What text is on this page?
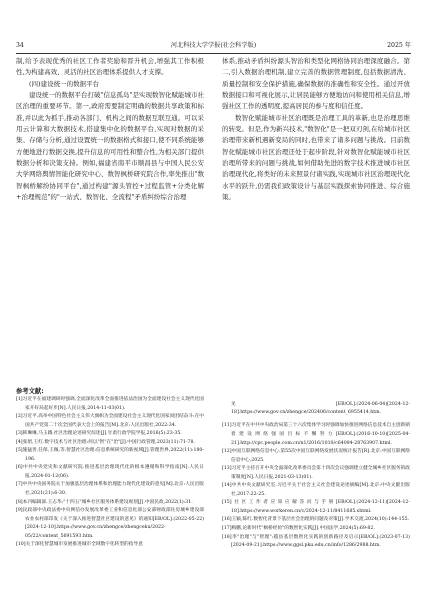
34	河北科技大学学报(社会科学版)	2025 年

制,给予表现优秀的社区工作者奖励和晋升机会,增强其工作积极性,为构建高效、灵活的社区治理体系提供人才支撑。

(四)建设统一的数据平台

建设统一的数据平台打破"信息孤岛"是实现数智化赋能城市社区治理的重要环节。第一,政府需要制定明确的数据共享政策和标准,并以此为抓手,推动各部门、机构之间的数据互联互通。可以采用云计算和大数据技术,搭建集中化的数据平台,实现对数据的采集、存储与分析,通过设置统一的数据格式和接口,使不同系统能够方便地进行数据交换,提升信息的可用性和整合性,为相关部门提供数据分析和决策支持。例如,福建省南平市顺昌县与中国人民公安大学网络舆情智能化研究中心、数智枫桥研究院合作,率先推出"数智枫桥解纷协同平台",通过构建"源头管控+过程监管+分类化解+治理规范"的"一站式、数智化、全流程"矛盾纠纷综合治理

体系,推动矛盾纠纷源头智治和类型化网格协同治理深度融合。第二,引入数据治理机制,建立完善的数据管理制度,包括数据清洗、质量控制和安全保护措施,确保数据的准确性和安全性。通过开放数据接口和可视化展示,让居民能够方便地访问和使用相关信息,增强社区工作的透明度,提高居民的参与度和信任度。

数智化赋能城市社区治理既是治理工具的革新,也是治理思维的转变。但是,作为新兴技术,"数智化"是一把双刃剑,在给城市社区治理带来新机遇新变局的同时,也带来了诸多问题与挑战。目前数智化赋能城市社区治理还处于起步阶段,针对数智化赋能城市社区治理所带来的问题与挑战,如何借助先进的数字技术推进城市社区治理现代化,将类好的未来照景付诸实践,实现城市社区治理现代化水平的跃升,仍需我们政策设计与基层实践探索协同推进、综合施策。

参考文献:

[1]习近平在福建调研时强调,全面深化改革全面推进依法治国为全面建设社会主义现代化国家开好局起好步[N].人民日报,2014-11-03(01).

[2]习近平.高举中国特色社会主义伟大旗帜为全面建设社会主义现代化国家而团结奋斗:在中国共产党第二十次全国代表大会上的报告[M].北京:人民出版社,2022:34.

[3]韩琳琳,马玉娥.社区治理论述研究综述[J].甘肃行政学院学报,2016(5):23-35.

[4]张珺,王红.数字技术与社区治理:何以"智"在"治"[J].中国行政管理,2023(11):71-78.

[5]施猛善,任保,王佩,等.智慧社区治理:信息系统研究的新视域[J].管理世界,2022(11):180-196.

[6]中共中央党史和文献研究院.推进基层治理现代化的根本遵循和科学指南[N].人民日报,2024-01-12(06).

[7]中共中央国务院关于加强基层治理体系和治理能力现代化建设的意见[M].北京:人民出版社,2021(21):6-30.

[8]本刊编辑部.王志华:"十四五"城乡社区服务体系建设规划[J].中国民政,2022(1):31.

[9]民政部中央政法委中央网信办发展改革委工业和信息化部公安部财政部住房城乡建设部农业农村部印发《关于深入推进智慧社区建设的意见》的通知[EB/OL].(2022-05-22)[2024-12-10].https://www.gov.cn/zhengce/zhengceku/2022-05/22/content_5691593.htm.

[10]关于深化智慧城市发展推进城市全域数字化转型的指导意

见[EB/OL].(2024-06-04)[2024-12-18].https://www.gov.cn/zhengce/202406/content_6955414.htm.

[11]习近平在中共中央政治局第三十六次集体学习时强调加快推进网络信息技术自主创新朝着建设网络强国目标不懈努力[EB/OL].(2016-10-10)[2025-04-21].http://cpc.people.com.cn/n1/2016/1010/c64094-28763907.html.

[12]中国互联网络信息中心.第55次中国互联网络发展状况统计报告[R].北京:中国互联网络信息中心,2025.

[13]习近平主持召开中央全面深化改革委员会第十四次会议强调建立健全城乡社区服务的政策制度[N].人民日报,2021-03-13(01).

[14]中共中央文献研究室.习近平关于社会主义社会建设论述摘编[M].北京:中央文献出版社,2017:22-25.

[15]社区工作者应知应解答问与手册[EB/OL].(2024-12-11)[2024-12-18].https://www.workeren.cn/c/2024-12-11/8411685.shtml.

[16]王颖,陈红.数智化背景下基层社会治理的问题及对策[J].学术交流,2024(10):144-155.

[17]梅鹏,论新时代"枫桥经验"的数智化实践[J].中国法学,2024(5):69-82.

[18]李"治理"与"智理":越县基层数智化实践的创新路径及启示[EB/OL].(2023-07-13)[2024-09-21].https://www.ggsl.pku.edu.cn/info/1286/2988.htm.
